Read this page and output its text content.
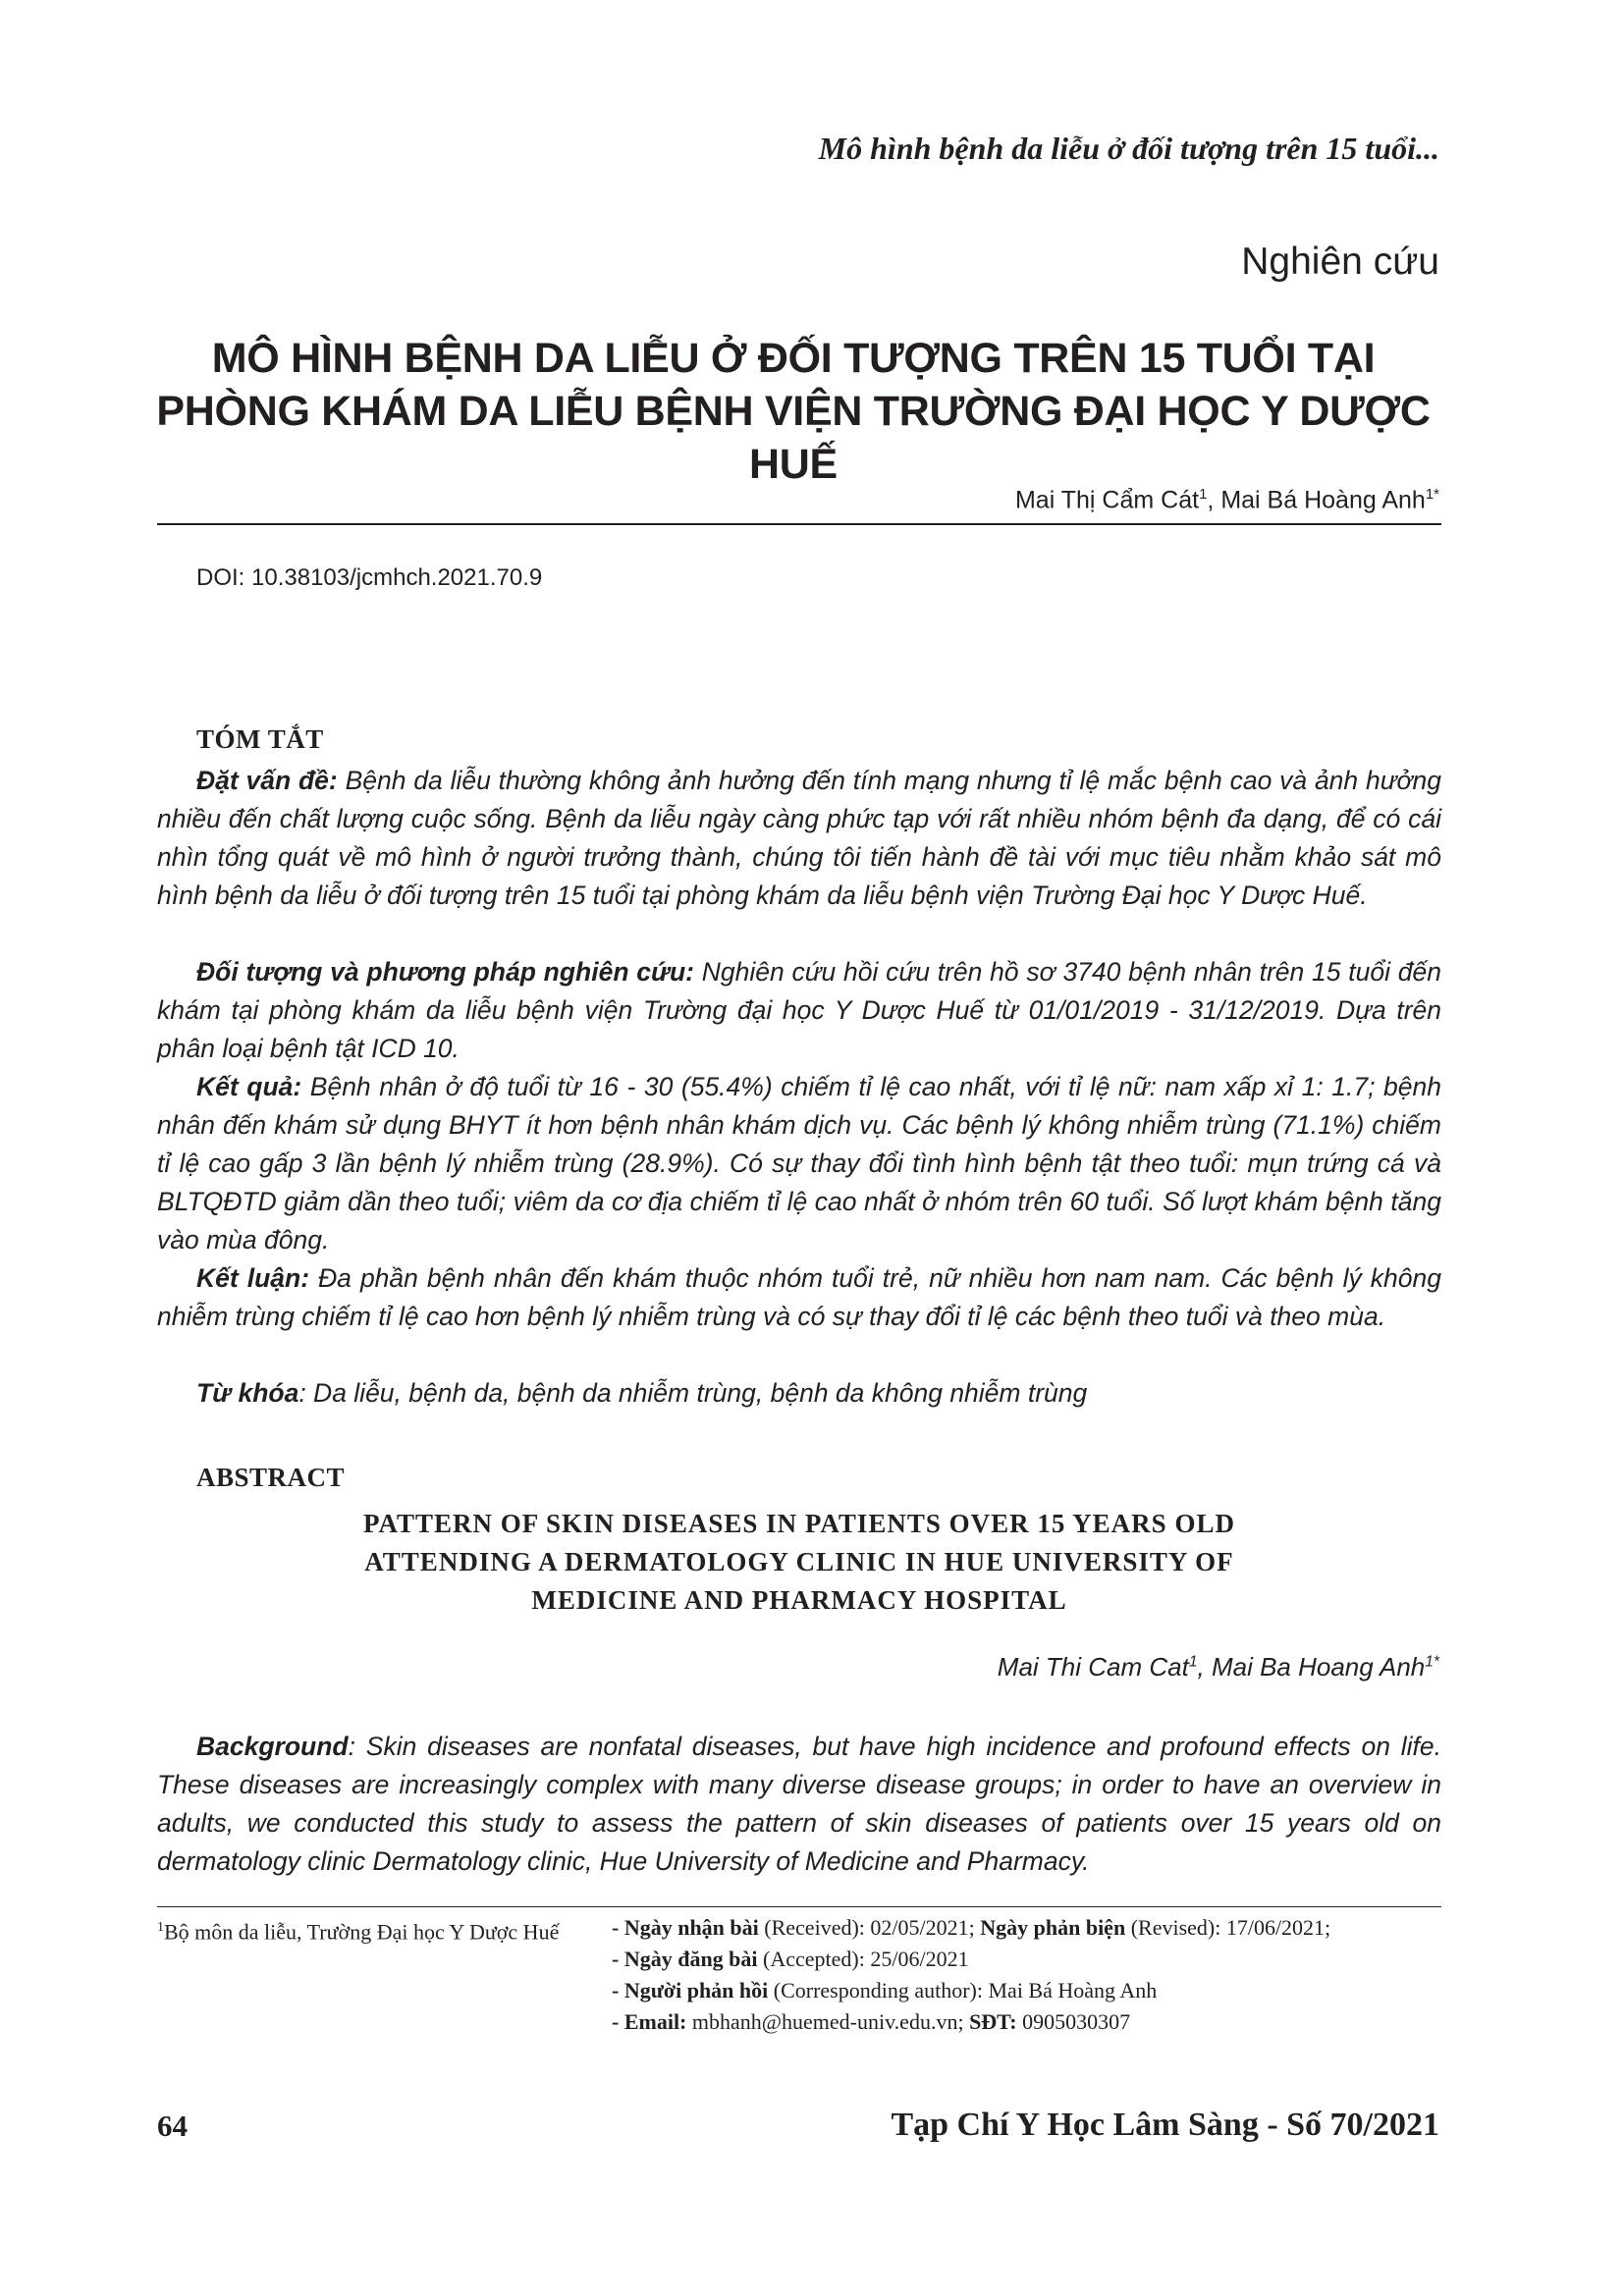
Mô hình bệnh da liễu ở đối tượng trên 15 tuổi...
Nghiên cứu
MÔ HÌNH BỆNH DA LIỄU Ở ĐỐI TƯỢNG TRÊN 15 TUỔI TẠI
PHÒNG KHÁM DA LIỄU BỆNH VIỆN TRƯỜNG ĐẠI HỌC Y DƯỢC HUẾ
Mai Thị Cẩm Cát$^1$, Mai Bá Hoàng Anh$^{1*}$
DOI: 10.38103/jcmhch.2021.70.9
TÓM TẮT
Đặt vấn đề: Bệnh da liễu thường không ảnh hưởng đến tính mạng nhưng tỉ lệ mắc bệnh cao và ảnh hưởng nhiều đến chất lượng cuộc sống. Bệnh da liễu ngày càng phức tạp với rất nhiều nhóm bệnh đa dạng, để có cái nhìn tổng quát về mô hình ở người trưởng thành, chúng tôi tiến hành đề tài với mục tiêu nhằm khảo sát mô hình bệnh da liễu ở đối tượng trên 15 tuổi tại phòng khám da liễu bệnh viện Trường Đại học Y Dược Huế.
Đối tượng và phương pháp nghiên cứu: Nghiên cứu hồi cứu trên hồ sơ 3740 bệnh nhân trên 15 tuổi đến khám tại phòng khám da liễu bệnh viện Trường đại học Y Dược Huế từ 01/01/2019 - 31/12/2019. Dựa trên phân loại bệnh tật ICD 10.
Kết quả: Bệnh nhân ở độ tuổi từ 16 - 30 (55.4%) chiếm tỉ lệ cao nhất, với tỉ lệ nữ: nam xấp xỉ 1: 1.7; bệnh nhân đến khám sử dụng BHYT ít hơn bệnh nhân khám dịch vụ. Các bệnh lý không nhiễm trùng (71.1%) chiếm tỉ lệ cao gấp 3 lần bệnh lý nhiễm trùng (28.9%). Có sự thay đổi tình hình bệnh tật theo tuổi: mụn trứng cá và BLTQĐTD giảm dần theo tuổi; viêm da cơ địa chiếm tỉ lệ cao nhất ở nhóm trên 60 tuổi. Số lượt khám bệnh tăng vào mùa đông.
Kết luận: Đa phần bệnh nhân đến khám thuộc nhóm tuổi trẻ, nữ nhiều hơn nam nam. Các bệnh lý không nhiễm trùng chiếm tỉ lệ cao hơn bệnh lý nhiễm trùng và có sự thay đổi tỉ lệ các bệnh theo tuổi và theo mùa.
Từ khóa: Da liễu, bệnh da, bệnh da nhiễm trùng, bệnh da không nhiễm trùng
ABSTRACT
PATTERN OF SKIN DISEASES IN PATIENTS OVER 15 YEARS OLD
ATTENDING A DERMATOLOGY CLINIC IN HUE UNIVERSITY OF
MEDICINE AND PHARMACY HOSPITAL
Mai Thi Cam Cat$^1$, Mai Ba Hoang Anh$^{1*}$
Background: Skin diseases are nonfatal diseases, but have high incidence and profound effects on life. These diseases are increasingly complex with many diverse disease groups; in order to have an overview in adults, we conducted this study to assess the pattern of skin diseases of patients over 15 years old on dermatology clinic Dermatology clinic, Hue University of Medicine and Pharmacy.
$^1$Bộ môn da liễu, Trường Đại học Y Dược Huế	- Ngày nhận bài (Received): 02/05/2021; Ngày phản biện (Revised): 17/06/2021;
- Ngày đăng bài (Accepted): 25/06/2021
- Người phản hồi (Corresponding author): Mai Bá Hoàng Anh
- Email: mbhanh@huemed-univ.edu.vn; SĐT: 0905030307
64	Tạp Chí Y Học Lâm Sàng - Số 70/2021
